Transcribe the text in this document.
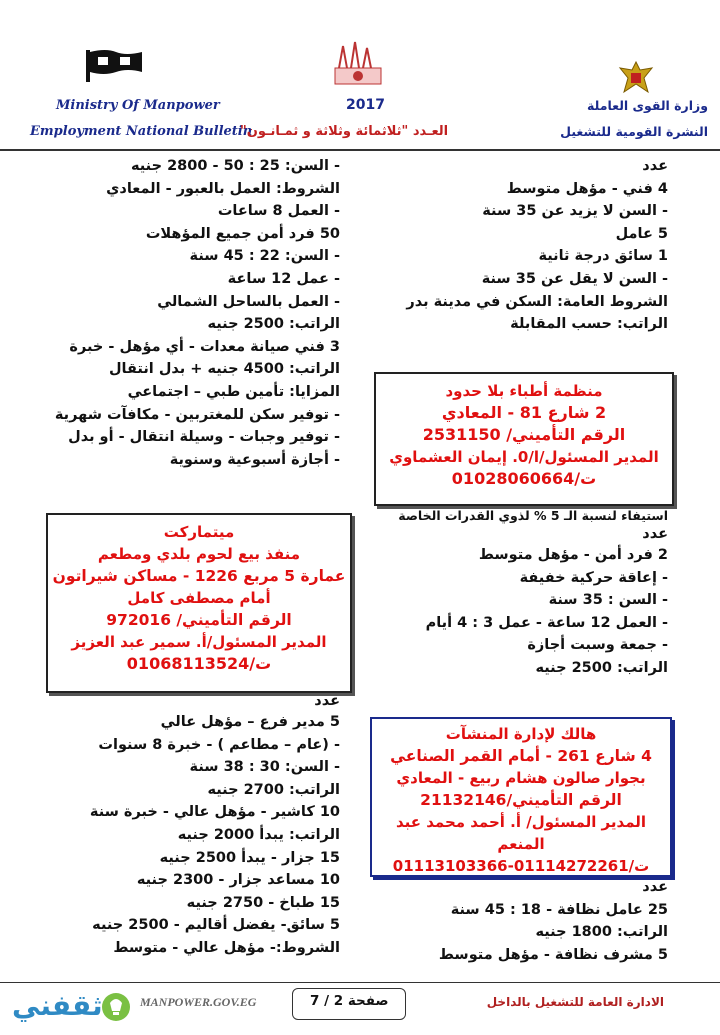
Ministry Of Manpower
Employment National Bulletin
2017
العـدد "ثلاثمائة وثلاثة و ثمـانـون"
وزارة القوى العاملة
النشرة القومية للتشغيل
عدد
4 فني - مؤهل متوسط
- السن لا يزيد عن 35 سنة
5 عامل
1 سائق درجة ثانية
- السن لا يقل عن 35 سنة
الشروط العامة: السكن في مدينة بدر
الراتب: حسب المقابلة
منظمة أطباء بلا حدود
2 شارع 81 - المعادي
الرقم التأميني/ 2531150
المدير المسئول/ا/0. إيمان العشماوي
ت/01028060664
استيفاء لنسبة الـ 5 % لذوي القدرات الخاصة
عدد
2 فرد أمن - مؤهل متوسط
- إعاقة حركية خفيفة
- السن : 35 سنة
- العمل 12 ساعة - عمل 3 : 4 أيام
- جمعة وسبت أجازة
الراتب: 2500 جنيه
هالك لإدارة المنشآت
4 شارع 261 - أمام القمر الصناعي
بجوار صالون هشام ربيع - المعادي
الرقم التأميني/21132146
المدير المسئول/ أ. أحمد محمد عبد المنعم
ت/01114272261-01113103366
عدد
25 عامل نظافة - 18 : 45 سنة
الراتب: 1800 جنيه
5 مشرف نظافة - مؤهل متوسط
- السن: 25 : 50 - 2800 جنيه
الشروط: العمل بالعبور - المعادي
- العمل 8 ساعات
50 فرد أمن جميع المؤهلات
- السن: 22 : 45 سنة
- عمل 12 ساعة
- العمل بالساحل الشمالي
الراتب: 2500 جنيه
3 فني صيانة معدات - أي مؤهل - خبرة
الراتب: 4500 جنيه + بدل انتقال
المزايا: تأمين طبي – اجتماعي
- توفير سكن للمغتربين - مكافآت شهرية
- توفير وجبات - وسيلة انتقال - أو بدل
- أجازة أسبوعية وسنوية
ميتماركت
منفذ بيع لحوم بلدي ومطعم
عمارة 5 مربع 1226 - مساكن شيراتون
أمام مصطفى كامل
الرقم التأميني/ 972016
المدير المسئول/أ. سمير عبد العزيز
ت/01068113524
عدد
5 مدير فرع – مؤهل عالي
- (عام – مطاعم ) - خبرة 8 سنوات
- السن: 30 : 38 سنة
الراتب: 2700 جنيه
10 كاشير - مؤهل عالي - خبرة سنة
الراتب: يبدأ 2000 جنيه
15 جزار - يبدأ 2500 جنيه
10 مساعد جزار - 2300 جنيه
15 طباخ - 2750 جنيه
5 سائق- يفضل أقاليم - 2500 جنيه
الشروط:- مؤهل عالي - متوسط
ثقفني	MANPOWER.GOV.EG	صفحة 2 / 7	الادارة العامة للتشغيل بالداخل
